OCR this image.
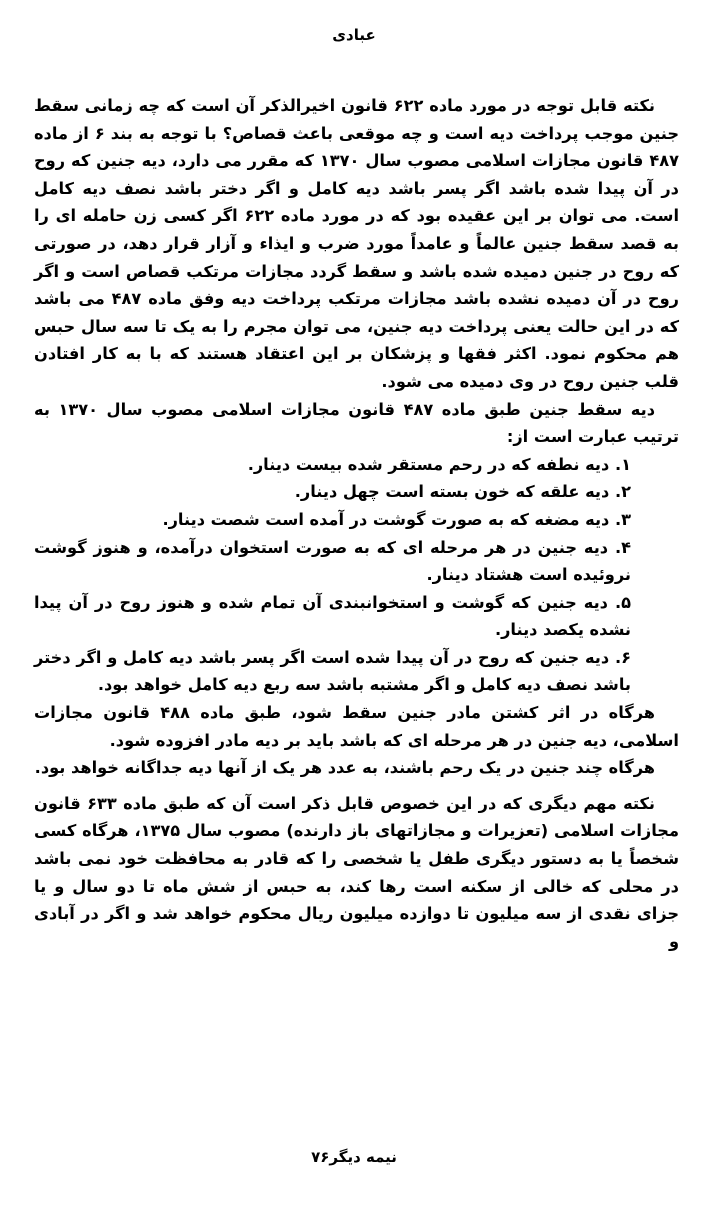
عبادی

نکته قابل توجه در مورد ماده ۶۲۲ قانون اخیرالذکر آن است که چه زمانی سقط جنین موجب پرداخت دیه است و چه موقعی باعث قصاص؟ با توجه به بند ۶ از ماده ۴۸۷ قانون مجازات اسلامی مصوب سال ۱۳۷۰ که مقرر می دارد، دیه جنین که روح در آن پیدا شده باشد اگر پسر باشد دیه کامل و اگر دختر باشد نصف دیه کامل است. می توان بر این عقیده بود که در مورد ماده ۶۲۲ اگر کسی زن حامله ای را به قصد سقط جنین عالماً و عامداً مورد ضرب و ایذاء و آزار قرار دهد، در صورتی که روح در جنین دمیده شده باشد و سقط گردد مجازات مرتکب قصاص است و اگر روح در آن دمیده نشده باشد مجازات مرتکب پرداخت دیه وفق ماده ۴۸۷ می باشد که در این حالت یعنی پرداخت دیه جنین، می توان مجرم را به یک تا سه سال حبس هم محکوم نمود. اکثر فقها و پزشکان بر این اعتقاد هستند که با به کار افتادن قلب جنین روح در وی دمیده می شود.

دیه سقط جنین طبق ماده ۴۸۷ قانون مجازات اسلامی مصوب سال ۱۳۷۰ به ترتیب عبارت است از:

۱. دیه نطفه که در رحم مستقر شده بیست دینار.
۲. دیه علقه که خون بسته است چهل دینار.
۳. دیه مضغه که به صورت گوشت در آمده است شصت دینار.
۴. دیه جنین در هر مرحله ای که به صورت استخوان درآمده، و هنوز گوشت نروئیده است هشتاد دینار.
۵. دیه جنین که گوشت و استخوانبندی آن تمام شده و هنوز روح در آن پیدا نشده یکصد دینار.
۶. دیه جنین که روح در آن پیدا شده است اگر پسر باشد دیه کامل و اگر دختر باشد نصف دیه کامل و اگر مشتبه باشد سه ربع دیه کامل خواهد بود.

هرگاه در اثر کشتن مادر جنین سقط شود، طبق ماده ۴۸۸ قانون مجازات اسلامی، دیه جنین در هر مرحله ای که باشد باید بر دیه مادر افزوده شود.

هرگاه چند جنین در یک رحم باشند، به عدد هر یک از آنها دیه جداگانه خواهد بود.

نکته مهم دیگری که در این خصوص قابل ذکر است آن که طبق ماده ۶۳۳ قانون مجازات اسلامی (تعزیرات و مجازاتهای باز دارنده) مصوب سال ۱۳۷۵، هرگاه کسی شخصاً یا به دستور دیگری طفل یا شخصی را که قادر به محافظت خود نمی باشد در محلی که خالی از سکنه است رها کند، به حبس از شش ماه تا دو سال و یا جزای نقدی از سه میلیون تا دوازده میلیون ریال محکوم خواهد شد و اگر در آبادی و

نیمه دیگر۷۶
